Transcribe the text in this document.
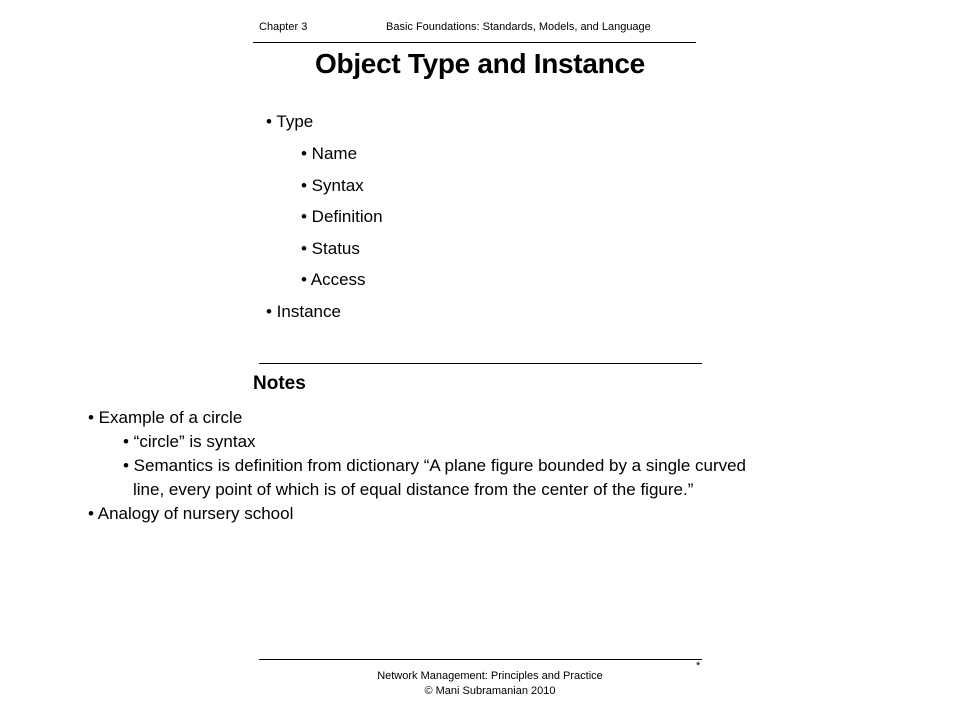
Chapter 3	Basic Foundations: Standards, Models, and Language
Object Type and Instance
• Type
• Name
• Syntax
• Definition
• Status
• Access
• Instance
Notes
• Example of a circle
• “circle” is syntax
• Semantics is definition from dictionary “A plane figure bounded by a single curved
line, every point of which is of equal distance from the center of the figure.”
• Analogy of nursery school
*
Network Management: Principles and Practice
© Mani Subramanian 2010
